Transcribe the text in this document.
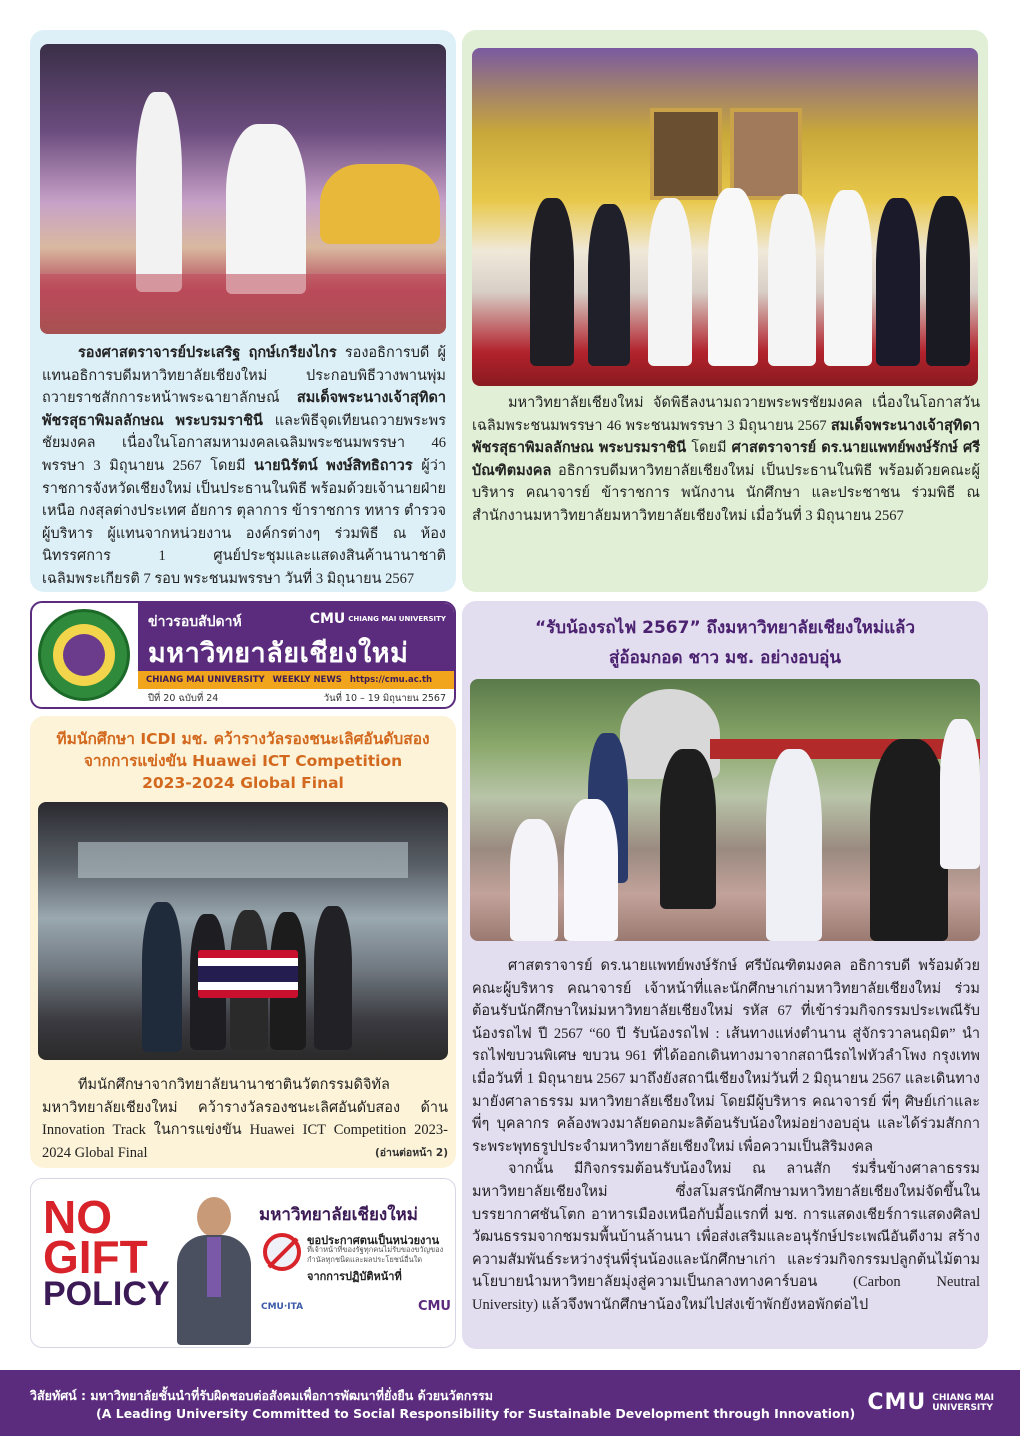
รองศาสตราจารย์ประเสริฐ ฤกษ์เกรียงไกร รองอธิการบดี ผู้แทนอธิการบดีมหาวิทยาลัยเชียงใหม่ ประกอบพิธีวางพานพุ่ม ถวายราชสักการะหน้าพระฉายาลักษณ์ สมเด็จพระนางเจ้าสุทิดา พัชรสุธาพิมลลักษณ พระบรมราชินี และพิธีจุดเทียนถวายพระพรชัยมงคล เนื่องในโอกาสมหามงคลเฉลิมพระชนมพรรษา 46 พรรษา 3 มิถุนายน 2567 โดยมี นายนิรัตน์ พงษ์สิทธิถาวร ผู้ว่าราชการจังหวัดเชียงใหม่ เป็นประธานในพิธี พร้อมด้วยเจ้านายฝ่ายเหนือ กงสุลต่างประเทศ อัยการ ตุลาการ ข้าราชการ ทหาร ตำรวจ ผู้บริหาร ผู้แทนจากหน่วยงาน องค์กรต่างๆ ร่วมพิธี ณ ห้องนิทรรศการ 1 ศูนย์ประชุมและแสดงสินค้านานาชาติ เฉลิมพระเกียรติ 7 รอบ พระชนมพรรษา วันที่ 3 มิถุนายน 2567

มหาวิทยาลัยเชียงใหม่ จัดพิธีลงนามถวายพระพรชัยมงคล เนื่องในโอกาสวันเฉลิมพระชนมพรรษา 46 พระชนมพรรษา 3 มิถุนายน 2567 สมเด็จพระนางเจ้าสุทิดา พัชรสุธาพิมลลักษณ พระบรมราชินี โดยมี ศาสตราจารย์ ดร.นายแพทย์พงษ์รักษ์ ศรีบัณฑิตมงคล อธิการบดีมหาวิทยาลัยเชียงใหม่ เป็นประธานในพิธี พร้อมด้วยคณะผู้บริหาร คณาจารย์ ข้าราชการ พนักงาน นักศึกษา และประชาชน ร่วมพิธี ณ สำนักงานมหาวิทยาลัยมหาวิทยาลัยเชียงใหม่ เมื่อวันที่ 3 มิถุนายน 2567

ข่าวรอบสัปดาห์	CMU CHIANG MAI UNIVERSITY
มหาวิทยาลัยเชียงใหม่
CHIANG MAI UNIVERSITY WEEKLY NEWS https://cmu.ac.th
ปีที่ 20 ฉบับที่ 24	วันที่ 10 – 19 มิถุนายน 2567
ทีมนักศึกษา ICDI มช. คว้ารางวัลรองชนะเลิศอันดับสอง
จากการแข่งขัน Huawei ICT Competition
2023-2024 Global Final

ทีมนักศึกษาจากวิทยาลัยนานาชาตินวัตกรรมดิจิทัล มหาวิทยาลัยเชียงใหม่ คว้ารางวัลรองชนะเลิศอันดับสอง ด้าน Innovation Track ในการแข่งขัน Huawei ICT Competition 2023-2024 Global Final	(อ่านต่อหน้า 2)
“รับน้องรถไฟ 2567” ถึงมหาวิทยาลัยเชียงใหม่แล้ว
สู่อ้อมกอด ชาว มช. อย่างอบอุ่น

ศาสตราจารย์ ดร.นายแพทย์พงษ์รักษ์ ศรีบัณฑิตมงคล อธิการบดี พร้อมด้วยคณะผู้บริหาร คณาจารย์ เจ้าหน้าที่และนักศึกษาเก่ามหาวิทยาลัยเชียงใหม่ ร่วมต้อนรับนักศึกษาใหม่มหาวิทยาลัยเชียงใหม่ รหัส 67 ที่เข้าร่วมกิจกรรมประเพณีรับน้องรถไฟ ปี 2567 “60 ปี รับน้องรถไฟ : เส้นทางแห่งตำนาน สู่จักรวาลนฤมิต” นำรถไฟขบวนพิเศษ ขบวน 961 ที่ได้ออกเดินทางมาจากสถานีรถไฟหัวลำโพง กรุงเทพ เมื่อวันที่ 1 มิถุนายน 2567 มาถึงยังสถานีเชียงใหม่วันที่ 2 มิถุนายน 2567 และเดินทางมายังศาลาธรรม มหาวิทยาลัยเชียงใหม่ โดยมีผู้บริหาร คณาจารย์ พี่ๆ ศิษย์เก่าและพี่ๆ บุคลากร คล้องพวงมาลัยดอกมะลิต้อนรับน้องใหม่อย่างอบอุ่น และได้ร่วมสักการะพระพุทธรูปประจำมหาวิทยาลัยเชียงใหม่ เพื่อความเป็นสิริมงคล

จากนั้น มีกิจกรรมต้อนรับน้องใหม่ ณ ลานสัก ร่มรื่นข้างศาลาธรรม มหาวิทยาลัยเชียงใหม่ ซึ่งสโมสรนักศึกษามหาวิทยาลัยเชียงใหม่จัดขึ้นในบรรยากาศชันโตก อาหารเมืองเหนือกับมื้อแรกที่ มช. การแสดงเชียร์การแสดงศิลปวัฒนธรรมจากชมรมพื้นบ้านล้านนา เพื่อส่งเสริมและอนุรักษ์ประเพณีอันดีงาม สร้างความสัมพันธ์ระหว่างรุ่นพี่รุ่นน้องและนักศึกษาเก่า และร่วมกิจกรรมปลูกต้นไม้ตามนโยบายนำมหาวิทยาลัยมุ่งสู่ความเป็นกลางทางคาร์บอน (Carbon Neutral University) แล้วจึงพานักศึกษาน้องใหม่ไปส่งเข้าพักยังหอพักต่อไป

NO
GIFT
POLICY
มหาวิทยาลัยเชียงใหม่
ขอประกาศตนเป็นหน่วยงาน
ที่เจ้าหน้าที่ของรัฐทุกคนไม่รับของขวัญของกำนัลทุกชนิดและผลประโยชน์อื่นใด
จากการปฏิบัติหน้าที่
CMU·ITA	CMU
วิสัยทัศน์ : มหาวิทยาลัยชั้นนำที่รับผิดชอบต่อสังคมเพื่อการพัฒนาที่ยั่งยืน ด้วยนวัตกรรม
(A Leading University Committed to Social Responsibility for Sustainable Development through Innovation) CMU CHIANG MAI
UNIVERSITY
